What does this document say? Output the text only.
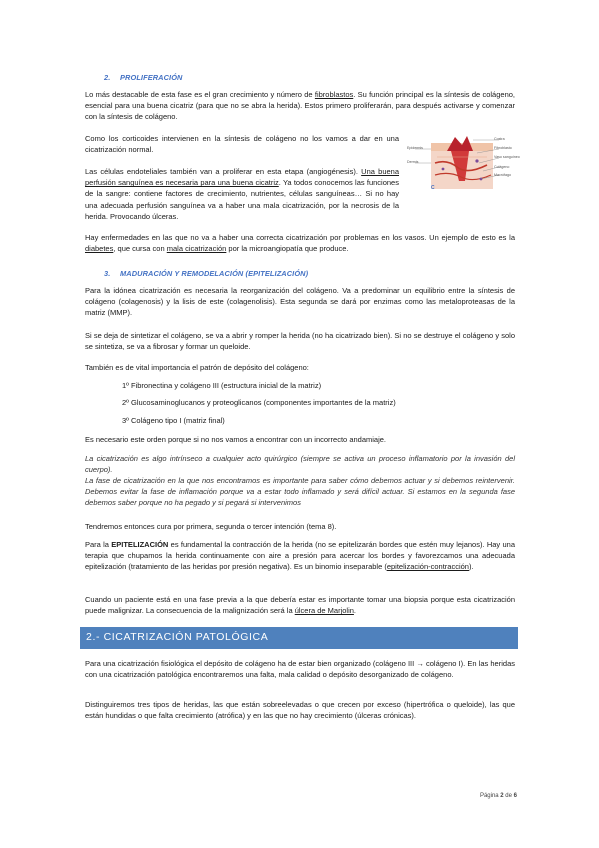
2. PROLIFERACIÓN

Lo más destacable de esta fase es el gran crecimiento y número de fibroblastos. Su función principal es la síntesis de colágeno, esencial para una buena cicatriz (para que no se abra la herida). Estos primero proliferarán, para después activarse y comenzar con la síntesis de colágeno.

Como los corticoides intervienen en la síntesis de colágeno no los vamos a dar en una cicatrización normal.

Las células endoteliales también van a proliferar en esta etapa (angiogénesis). Una buena perfusión sanguínea es necesaria para una buena cicatriz. Ya todos conocemos las funciones de la sangre: contiene factores de crecimiento, nutrientes, células sanguíneas… Si no hay una adecuada perfusión sanguínea va a haber una mala cicatrización, por la necrosis de la herida. Provocando úlceras.

Costra
Fibroblasto
Vaso sanguíneo
Colágeno
Macrófago
Epidermis
Dermis
C

Hay enfermedades en las que no va a haber una correcta cicatrización por problemas en los vasos. Un ejemplo de esto es la diabetes, que cursa con mala cicatrización por la microangiopatía que produce.

3. MADURACIÓN Y REMODELACIÓN (EPITELIZACIÓN)

Para la idónea cicatrización es necesaria la reorganización del colágeno. Va a predominar un equilibrio entre la síntesis de colágeno (colagenosis) y la lisis de este (colagenolisis). Esta segunda se dará por enzimas como las metaloproteasas de la matriz (MMP).

Si se deja de sintetizar el colágeno, se va a abrir y romper la herida (no ha cicatrizado bien). Si no se destruye el colágeno y solo se sintetiza, se va a fibrosar y formar un queloide.

También es de vital importancia el patrón de depósito del colágeno:

1º Fibronectina y colágeno III (estructura inicial de la matriz)
2º Glucosaminoglucanos y proteoglicanos (componentes importantes de la matriz)
3º Colágeno tipo I (matriz final)

Es necesario este orden porque si no nos vamos a encontrar con un incorrecto andamiaje.

La cicatrización es algo intrínseco a cualquier acto quirúrgico (siempre se activa un proceso inflamatorio por la invasión del cuerpo).

La fase de cicatrización en la que nos encontramos es importante para saber cómo debemos actuar y si debemos reintervenir. Debemos evitar la fase de inflamación porque va a estar todo inflamado y será difícil actuar. Si estamos en la segunda fase debemos saber porque no ha pegado y si pegará si intervenimos

Tendremos entonces cura por primera, segunda o tercer intención (tema 8).

Para la EPITELIZACIÓN es fundamental la contracción de la herida (no se epitelizarán bordes que estén muy lejanos). Hay una terapia que chupamos la herida continuamente con aire a presión para acercar los bordes y favorezcamos una adecuada epitelización (tratamiento de las heridas por presión negativa). Es un binomio inseparable (epitelización-contracción).

Cuando un paciente está en una fase previa a la que debería estar es importante tomar una biopsia porque esta cicatrización puede malignizar. La consecuencia de la malignización será la úlcera de Marjolin.

2.- CICATRIZACIÓN PATOLÓGICA

Para una cicatrización fisiológica el depósito de colágeno ha de estar bien organizado (colágeno III → colágeno I). En las heridas con una cicatrización patológica encontraremos una falta, mala calidad o depósito desorganizado de colágeno.

Distinguiremos tres tipos de heridas, las que están sobreelevadas o que crecen por exceso (hipertrófica o queloide), las que están hundidas o que falta crecimiento (atrófica) y en las que no hay crecimiento (úlceras crónicas).

Página 2 de 6
